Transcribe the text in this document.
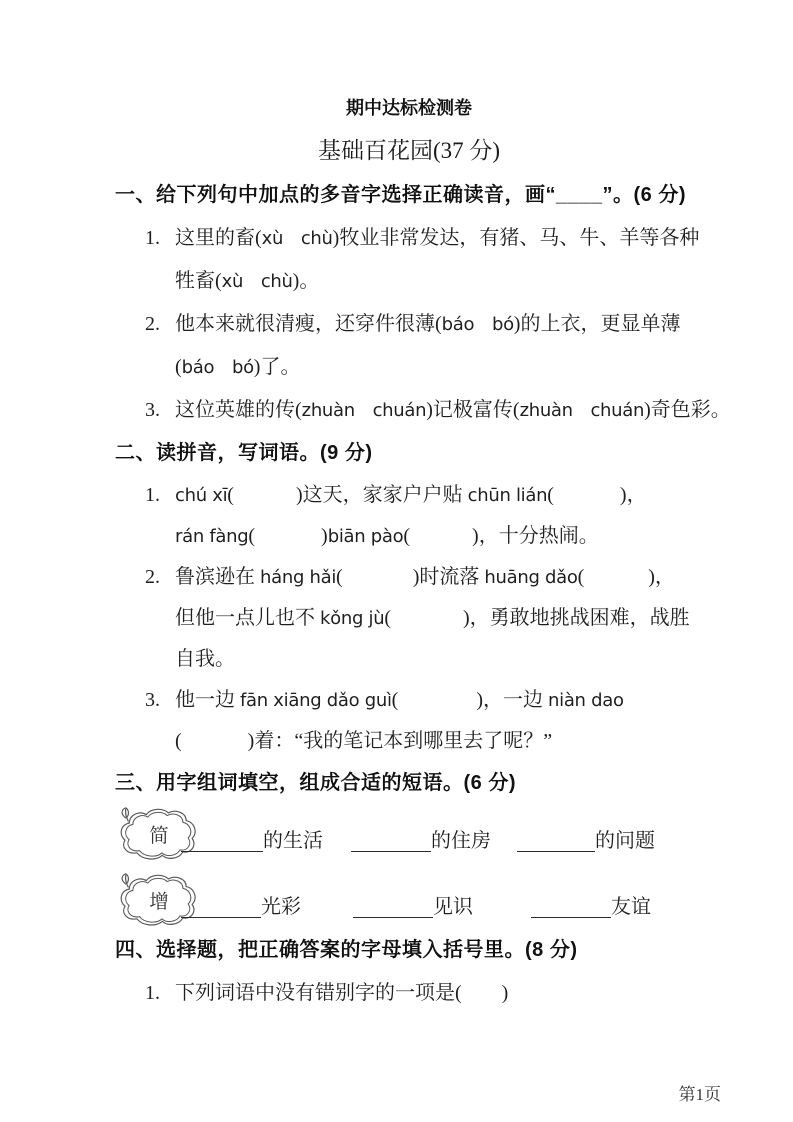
期中达标检测卷
基础百花园(37 分)
一、给下列句中加点的多音字选择正确读音，画“____”。(6 分)
1. 这里的畜(xù　chù)牧业非常发达，有猪、马、牛、羊等各种
牲畜(xù　chù)。
2. 他本来就很清瘦，还穿件很薄(báo　bó)的上衣，更显单薄
(báo　bó)了。
3. 这位英雄的传(zhuàn　chuán)记极富传(zhuàn　chuán)奇色彩。
二、读拼音，写词语。(9 分)
1. chú xī(	)这天，家家户户贴 chūn lián(	)，
rán fàng(	)biān pào(	)，十分热闹。
2. 鲁滨逊在 háng hǎi(	)时流落 huāng dǎo(	)，
但他一点儿也不 kǒng jù(	)，勇敢地挑战困难，战胜
自我。
3. 他一边 fān xiāng dǎo guì(	)，一边 niàn dao
(	)着：“我的笔记本到哪里去了呢？”
三、用字组词填空，组成合适的短语。(6 分)
简	的生活	的住房	的问题
增	光彩	见识	友谊
四、选择题，把正确答案的字母填入括号里。(8 分)
1. 下列词语中没有错别字的一项是( )
第1页
